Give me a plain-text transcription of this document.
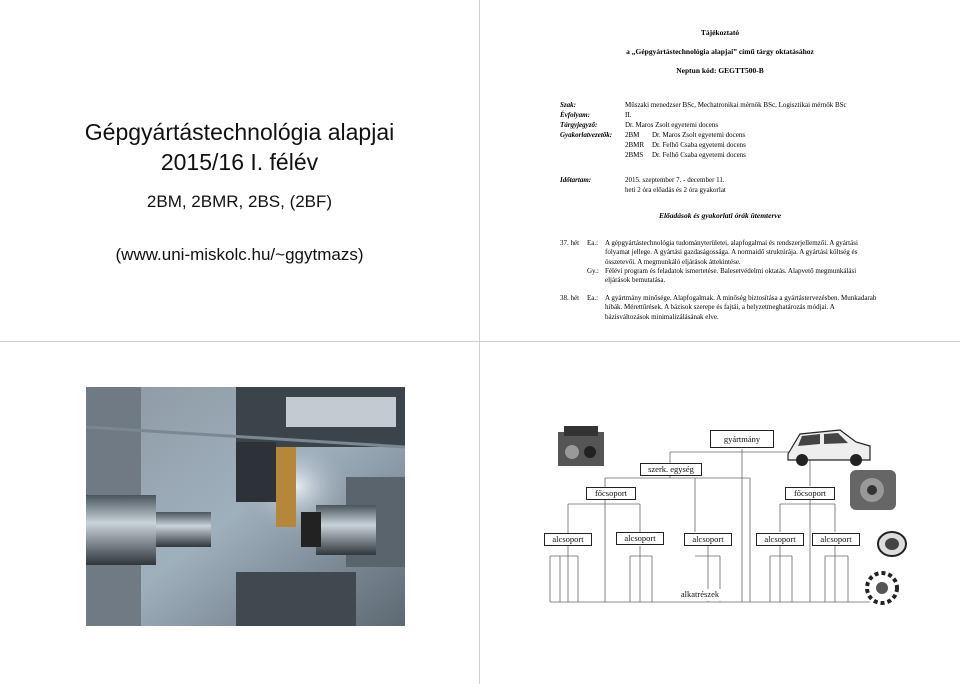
Gépgyártástechnológia alapjai
2015/16 I. félév
2BM, 2BMR, 2BS, (2BF)
(www.uni-miskolc.hu/~ggytmazs)
Tájékoztató
a „Gépgyártástechnológia alapjai” című tárgy oktatásához
Neptun kód: GEGTT500-B
Szak:	Műszaki menedzser BSc, Mechatronikai mérnök BSc, Logisztikai mérnök BSc
Évfolyam:	II.
Tárgyjegyző:	Dr. Maros Zsolt egyetemi docens
Gyakorlatvezetők: 2BM Dr. Maros Zsolt egyetemi docens
2BMR Dr. Felhő Csaba egyetemi docens
2BMS Dr. Felhő Csaba egyetemi docens
Időtartam:	2015. szeptember 7. - december 11.
heti 2 óra előadás és 2 óra gyakorlat
Előadások és gyakorlati órák ütemterve
37. hét Ea.: A gépgyártástechnológia tudományterületei, alapfogalmai és rendszerjellemzői. A gyártási folyamat jellege. A gyártási gazdaságossága. A normaidő struktúrája. A gyártási költség és összetevői. A megmunkáló eljárások áttekintése.
Gy.: Félévi program és feladatok ismertetése. Balesetvédelmi oktatás. Alapvető megmunkálási eljárások bemutatása.
38. hét Ea.: A gyártmány minősége. Alapfogalmak. A minőség biztosítása a gyártástervezésben. Munkadarab hibák. Mérettűrések. A bázisok szerepe és fajtái, a helyzetmeghatározás módjai. A bázisváltozások minimalizálásának elve.
gyártmány
szerk. egység
főcsoport	főcsoport
alcsoport	alcsoport	alcsoport	alcsoport	alcsoport
alkatrészek
